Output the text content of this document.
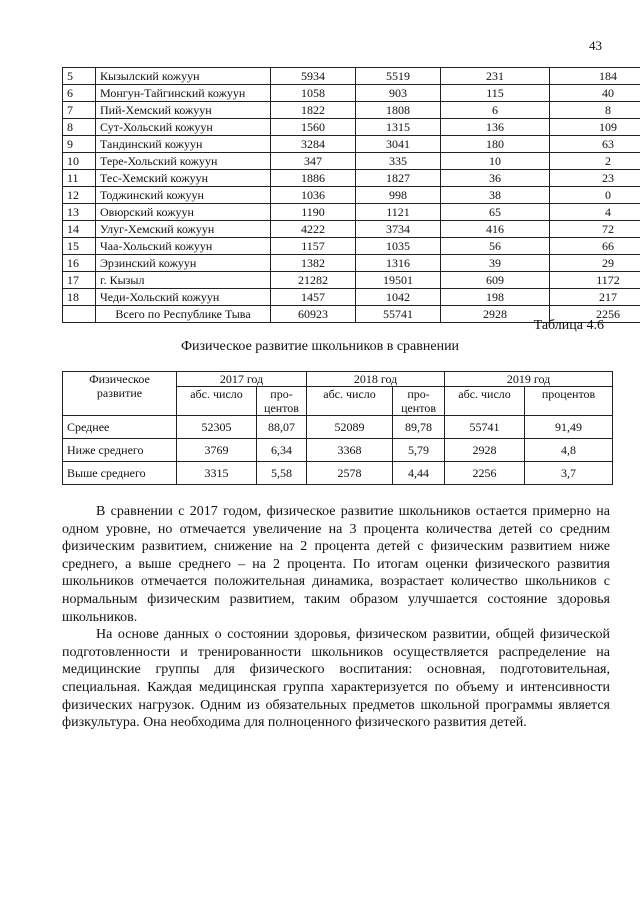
43
5	Кызылский кожуун	5934	5519	231	184
6	Монгун-Тайгинский кожуун	1058	903	115	40
7	Пий-Хемский кожуун	1822	1808	6	8
8	Сут-Хольский кожуун	1560	1315	136	109
9	Тандинский кожуун	3284	3041	180	63
10	Тере-Хольский кожуун	347	335	10	2
11	Тес-Хемский кожуун	1886	1827	36	23
12	Тоджинский кожуун	1036	998	38	0
13	Овюрский кожуун	1190	1121	65	4
14	Улуг-Хемский кожуун	4222	3734	416	72
15	Чаа-Хольский кожуун	1157	1035	56	66
16	Эрзинский кожуун	1382	1316	39	29
17	г. Кызыл	21282	19501	609	1172
18	Чеди-Хольский кожуун	1457	1042	198	217
	Всего по Республике Тыва	60923	55741	2928	2256
Таблица 4.6
Физическое развитие школьников в сравнении
Физическое развитие	2017 год		2018 год		2019 год	
	абс. число	про-центов	абс. число	про-центов	абс. число	процентов
Среднее	52305	88,07	52089	89,78	55741	91,49
Ниже среднего	3769	6,34	3368	5,79	2928	4,8
Выше среднего	3315	5,58	2578	4,44	2256	3,7

В сравнении с 2017 годом, физическое развитие школьников остается примерно на одном уровне, но отмечается увеличение на 3 процента количества детей со средним физическим развитием, снижение на 2 процента детей с физическим развитием ниже среднего, а выше среднего – на 2 процента. По итогам оценки физического развития школьников отмечается положительная динамика, возрастает количество школьников с нормальным физическим развитием, таким образом улучшается состояние здоровья школьников.

На основе данных о состоянии здоровья, физическом развитии, общей физической подготовленности и тренированности школьников осуществляется распределение на медицинские группы для физического воспитания: основная, подготовительная, специальная. Каждая медицинская группа характеризуется по объему и интенсивности физических нагрузок. Одним из обязательных предметов школьной программы является физкультура. Она необходима для полноценного физического развития детей.
